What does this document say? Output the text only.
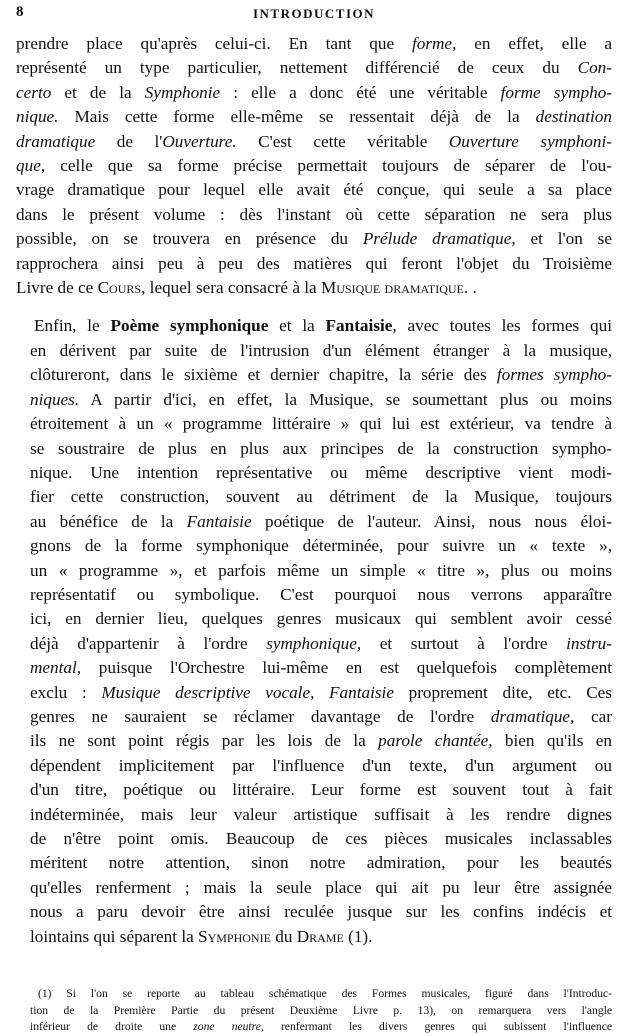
8	INTRODUCTION

prendre place qu'après celui-ci. En tant que forme, en effet, elle a
représenté un type particulier, nettement différencié de ceux du Con-
certo et de la Symphonie : elle a donc été une véritable forme sympho-
nique. Mais cette forme elle-même se ressentait déjà de la destination
dramatique de l'Ouverture. C'est cette véritable Ouverture symphoni-
que, celle que sa forme précise permettait toujours de séparer de l'ou-
vrage dramatique pour lequel elle avait été conçue, qui seule a sa place
dans le présent volume : dès l'instant où cette séparation ne sera plus
possible, on se trouvera en présence du Prélude dramatique, et l'on se
rapprochera ainsi peu à peu des matières qui feront l'objet du Troisième
Livre de ce Cours, lequel sera consacré à la Musique dramatique. .

Enfin, le Poème symphonique et la Fantaisie, avec toutes les formes qui
en dérivent par suite de l'intrusion d'un élément étranger à la musique,
clôtureront, dans le sixième et dernier chapitre, la série des formes sympho-
niques. A partir d'ici, en effet, la Musique, se soumettant plus ou moins
étroitement à un « programme littéraire » qui lui est extérieur, va tendre à
se soustraire de plus en plus aux principes de la construction sympho-
nique. Une intention représentative ou même descriptive vient modi-
fier cette construction, souvent au détriment de la Musique, toujours
au bénéfice de la Fantaisie poétique de l'auteur. Ainsi, nous nous éloi-
gnons de la forme symphonique déterminée, pour suivre un « texte »,
un « programme », et parfois même un simple « titre », plus ou moins
représentatif ou symbolique. C'est pourquoi nous verrons apparaître
ici, en dernier lieu, quelques genres musicaux qui semblent avoir cessé
déjà d'appartenir à l'ordre symphonique, et surtout à l'ordre instru-
mental, puisque l'Orchestre lui-même en est quelquefois complètement
exclu : Musique descriptive vocale, Fantaisie proprement dite, etc. Ces
genres ne sauraient se réclamer davantage de l'ordre dramatique, car
ils ne sont point régis par les lois de la parole chantée, bien qu'ils en
dépendent implicitement par l'influence d'un texte, d'un argument ou
d'un titre, poétique ou littéraire. Leur forme est souvent tout à fait
indéterminée, mais leur valeur artistique suffisait à les rendre dignes
de n'être point omis. Beaucoup de ces pièces musicales inclassables
méritent notre attention, sinon notre admiration, pour les beautés
qu'elles renferment ; mais la seule place qui ait pu leur être assignée
nous a paru devoir être ainsi reculée jusque sur les confins indécis et
lointains qui séparent la Symphonie du Drame (1).

(1) Si l'on se reporte au tableau schématique des Formes musicales, figuré dans l'Introduc-
tion de la Première Partie du présent Deuxième Livre p. 13), on remarquera vers l'angle
inférieur de droite une zone neutre, renfermant les divers genres qui subissent l'influence
